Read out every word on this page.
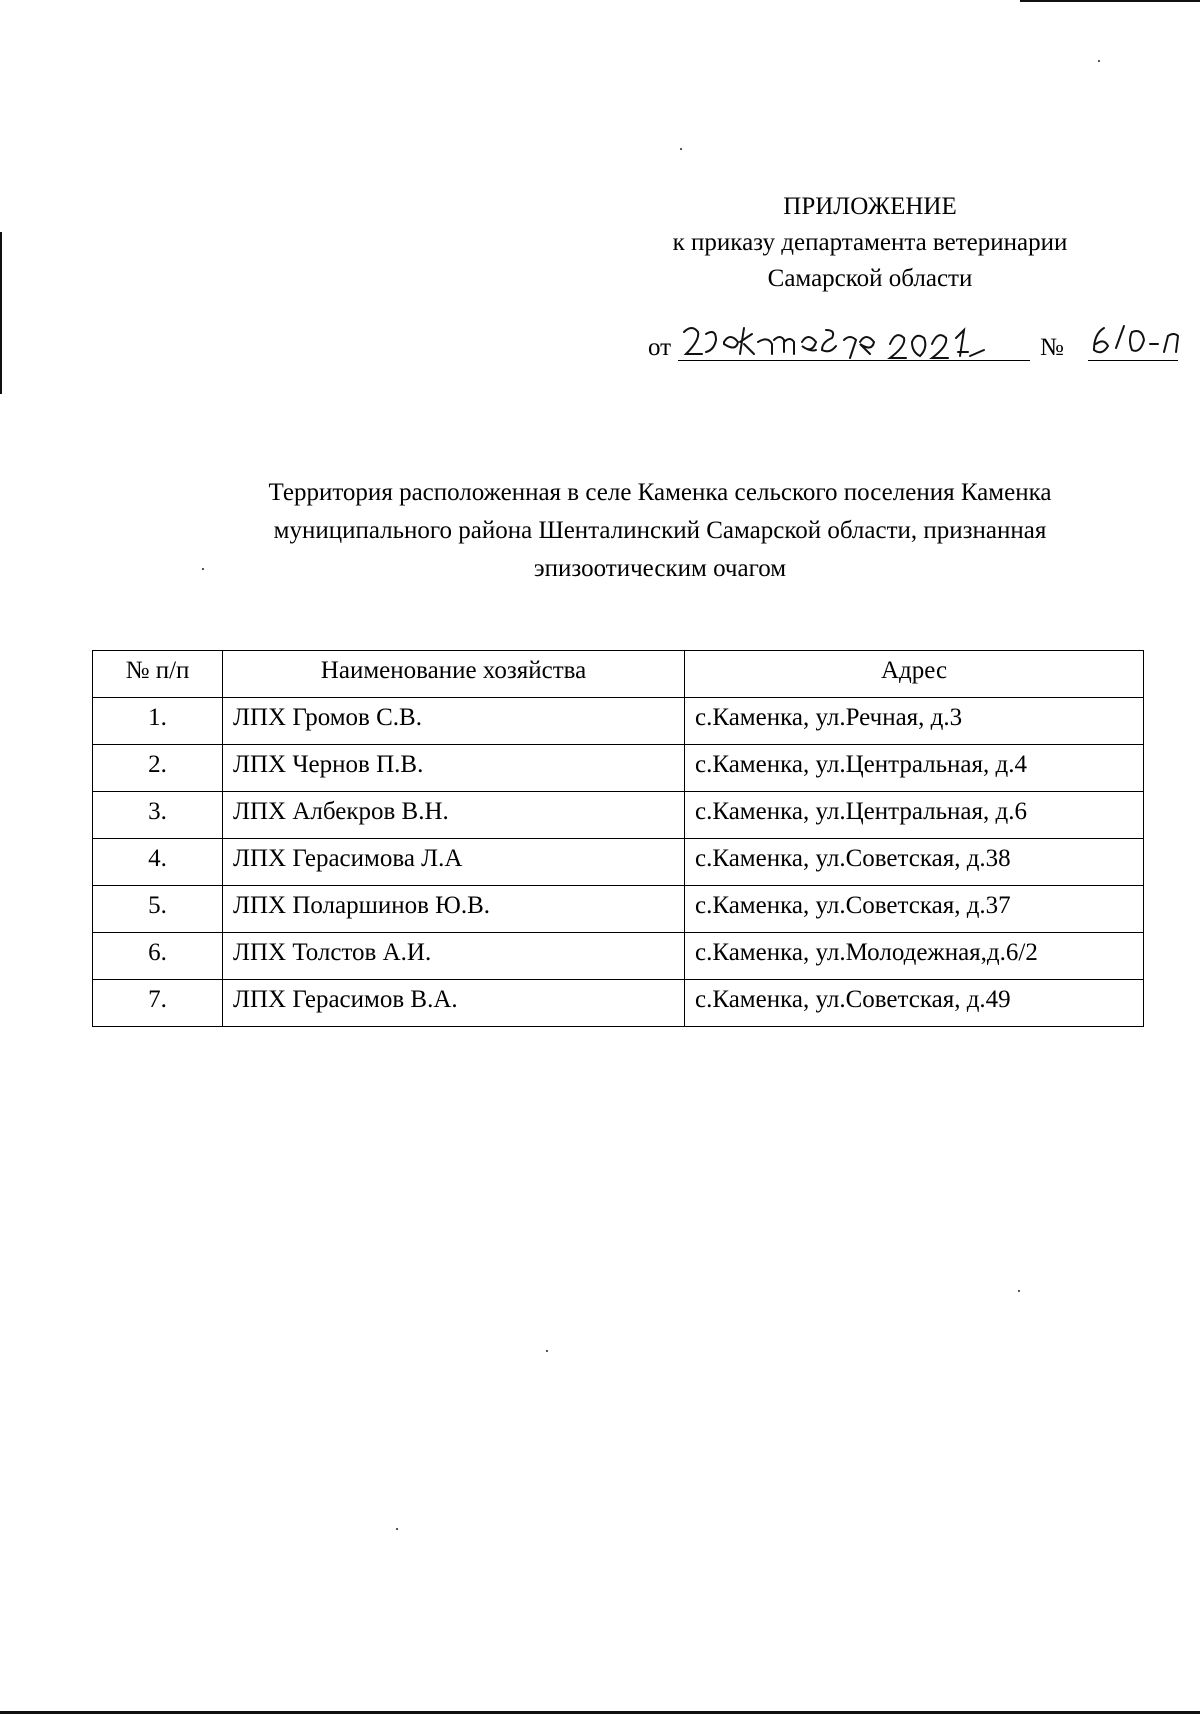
ПРИЛОЖЕНИЕ
к приказу департамента ветеринарии
Самарской области
от	№
Территория расположенная в селе Каменка сельского поселения Каменка
муниципального района Шенталинский Самарской области, признанная
эпизоотическим очагом
№ п/п	Наименование хозяйства	Адрес
1.	ЛПХ Громов С.В.	с.Каменка, ул.Речная, д.3
2.	ЛПХ Чернов П.В.	с.Каменка, ул.Центральная, д.4
3.	ЛПХ Албекров В.Н.	с.Каменка, ул.Центральная, д.6
4.	ЛПХ Герасимова Л.А	с.Каменка, ул.Советская, д.38
5.	ЛПХ Поларшинов Ю.В.	с.Каменка, ул.Советская, д.37
6.	ЛПХ Толстов А.И.	с.Каменка, ул.Молодежная,д.6/2
7.	ЛПХ Герасимов В.А.	с.Каменка, ул.Советская, д.49
